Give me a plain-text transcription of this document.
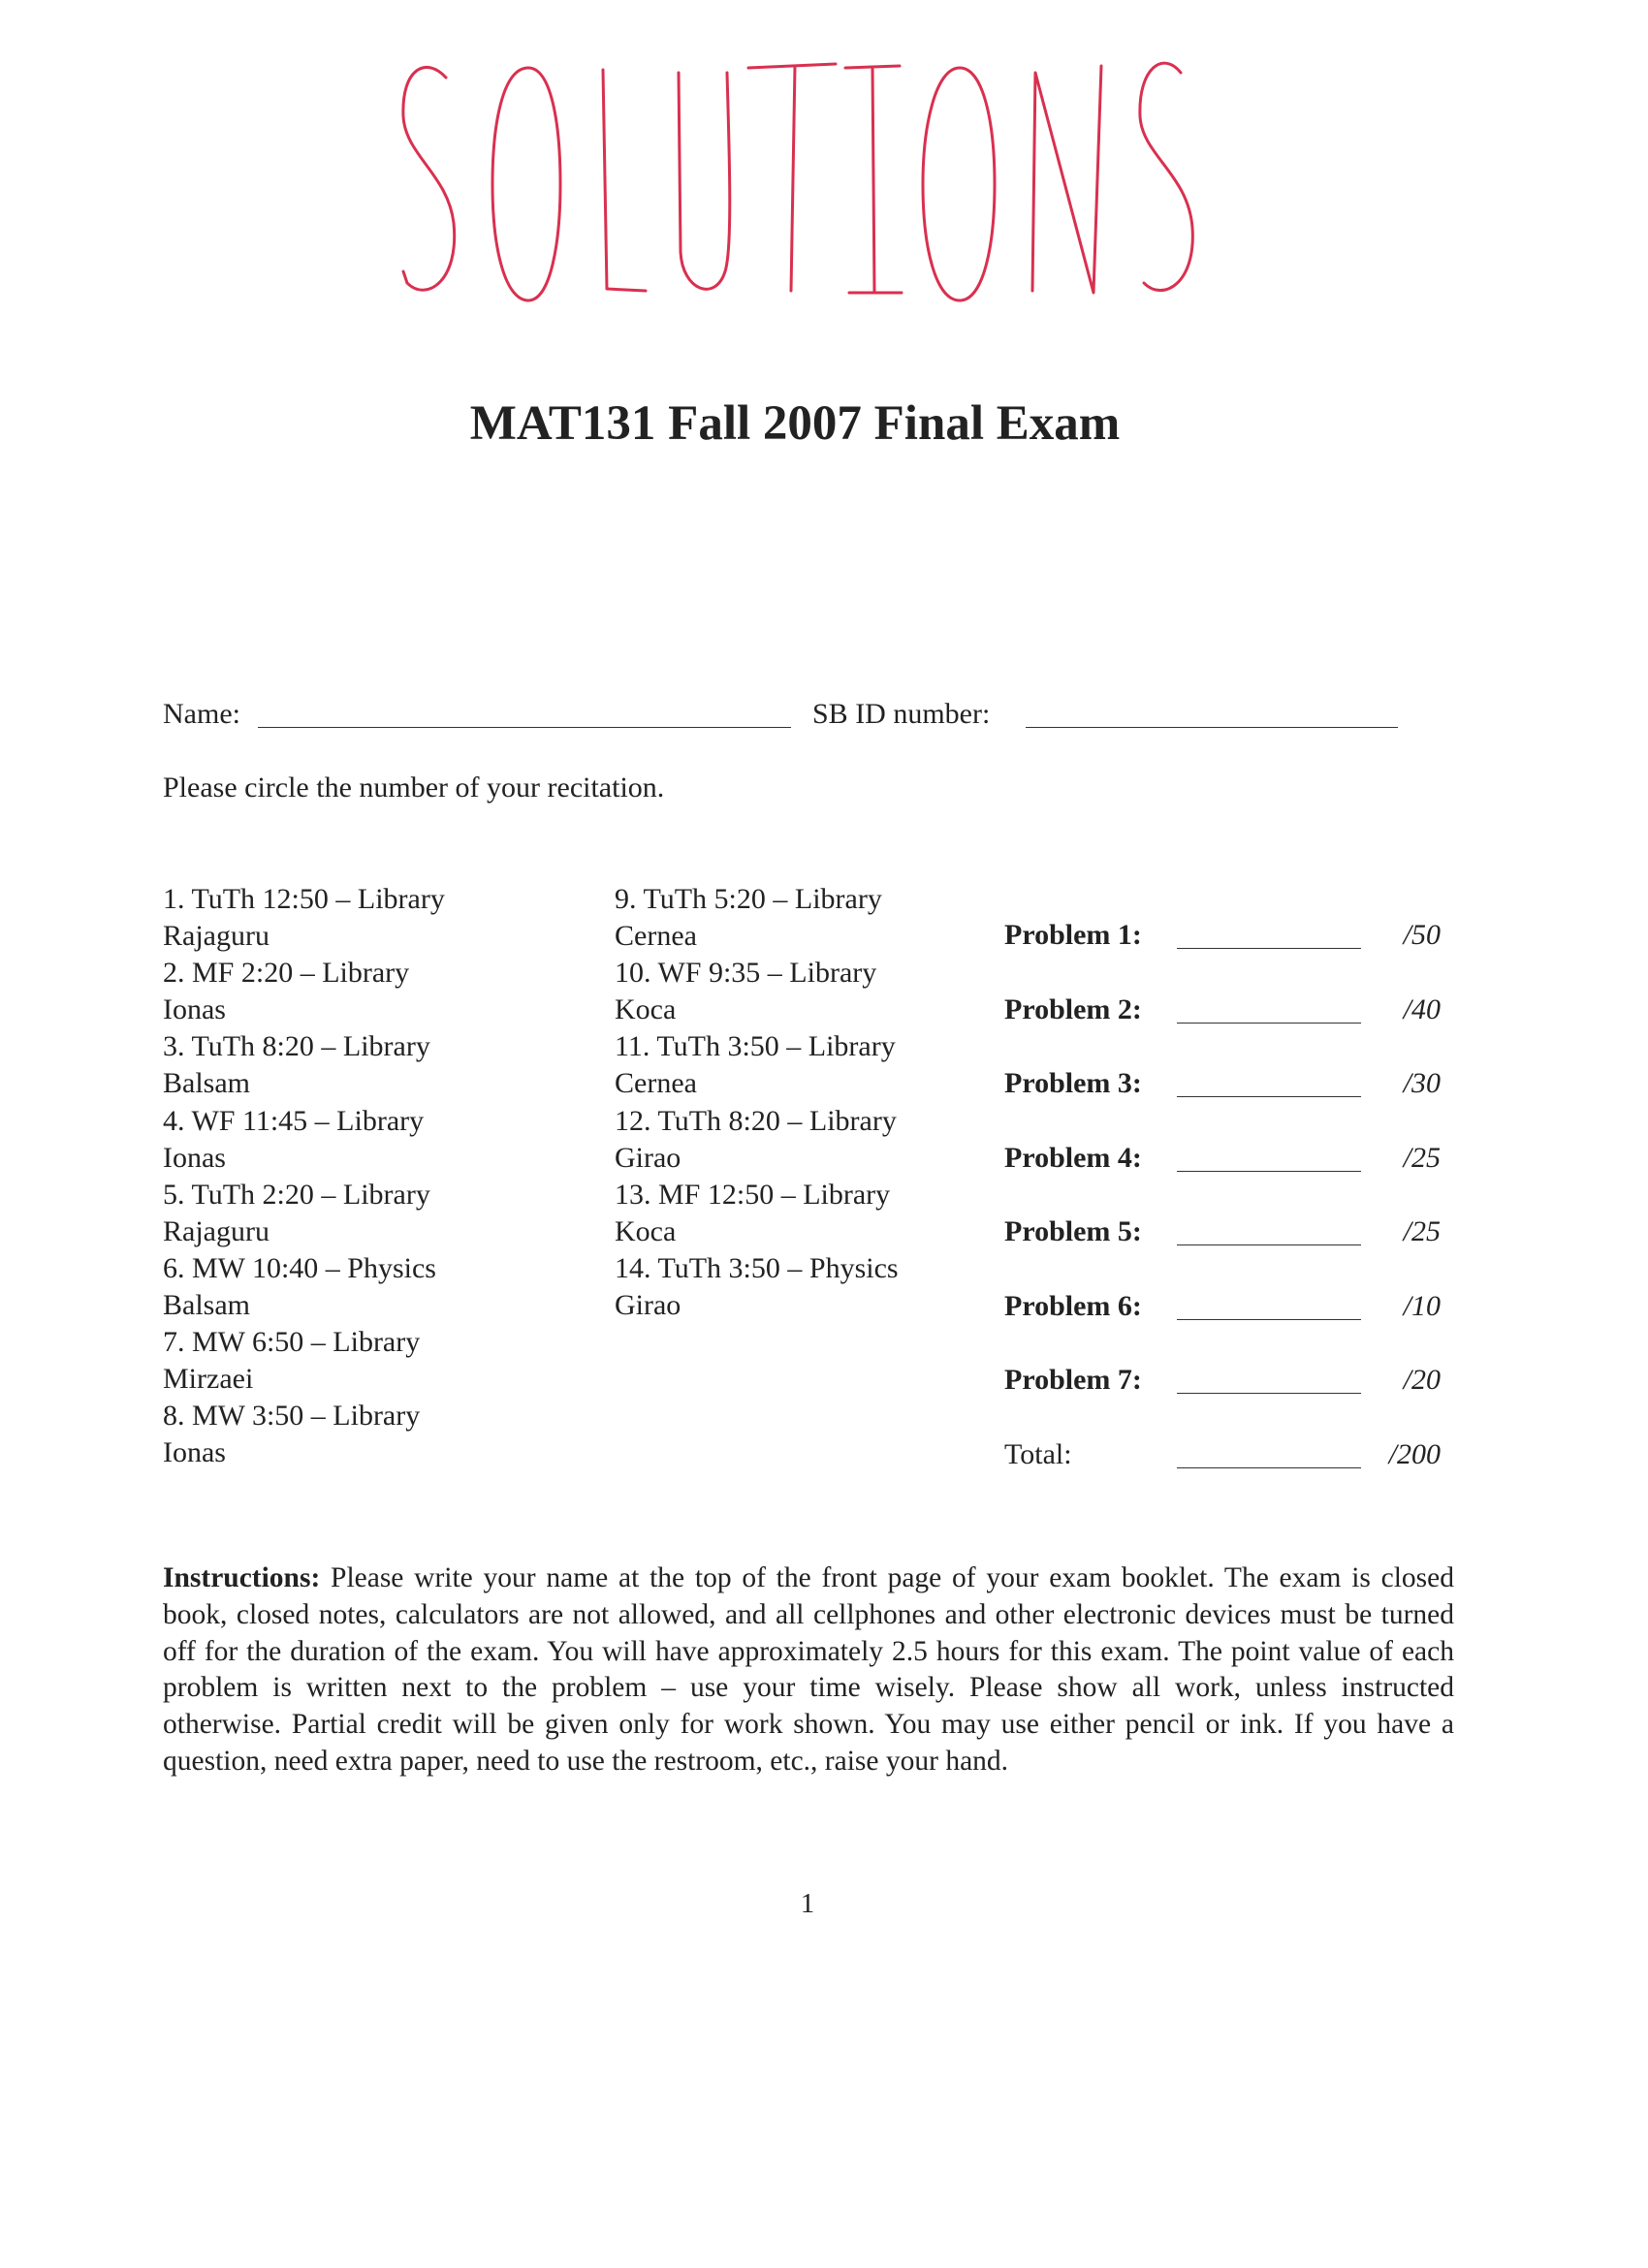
MAT131 Fall 2007 Final Exam
Name:	SB ID number:
Please circle the number of your recitation.
1. TuTh 12:50 – Library
Rajaguru
2. MF 2:20 – Library
Ionas
3. TuTh 8:20 – Library
Balsam
4. WF 11:45 – Library
Ionas
5. TuTh 2:20 – Library
Rajaguru
6. MW 10:40 – Physics
Balsam
7. MW 6:50 – Library
Mirzaei
8. MW 3:50 – Library
Ionas
9. TuTh 5:20 – Library
Cernea
10. WF 9:35 – Library
Koca
11. TuTh 3:50 – Library
Cernea
12. TuTh 8:20 – Library
Girao
13. MF 12:50 – Library
Koca
14. TuTh 3:50 – Physics
Girao
Problem 1:	/50
Problem 2:	/40
Problem 3:	/30
Problem 4:	/25
Problem 5:	/25
Problem 6:	/10
Problem 7:	/20
Total:	/200
Instructions: Please write your name at the top of the front page of your exam booklet. The exam is closed book, closed notes, calculators are not allowed, and all cellphones and other electronic devices must be turned off for the duration of the exam. You will have approximately 2.5 hours for this exam. The point value of each problem is written next to the problem – use your time wisely. Please show all work, unless instructed otherwise. Partial credit will be given only for work shown. You may use either pencil or ink. If you have a question, need extra paper, need to use the restroom, etc., raise your hand.
1
